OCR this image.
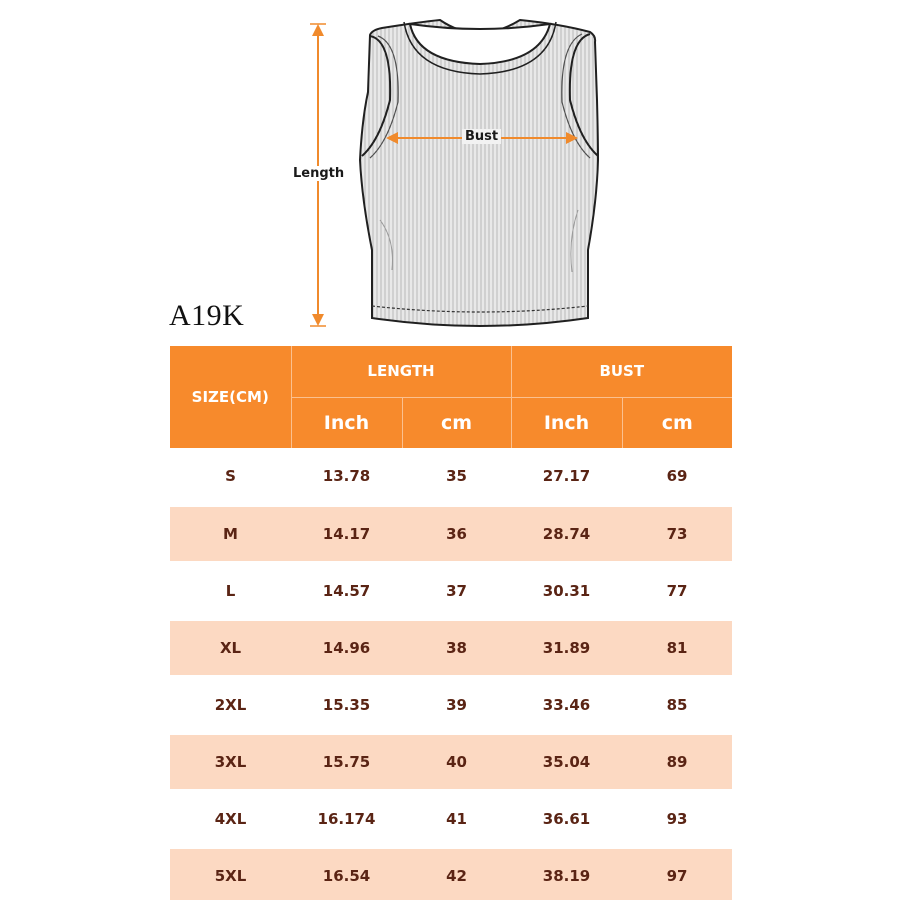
Length
Bust
A19K
SIZE(CM)	LENGTH		BUST	
	Inch	cm	Inch	cm
S	13.78	35	27.17	69
M	14.17	36	28.74	73
L	14.57	37	30.31	77
XL	14.96	38	31.89	81
2XL	15.35	39	33.46	85
3XL	15.75	40	35.04	89
4XL	16.174	41	36.61	93
5XL	16.54	42	38.19	97
